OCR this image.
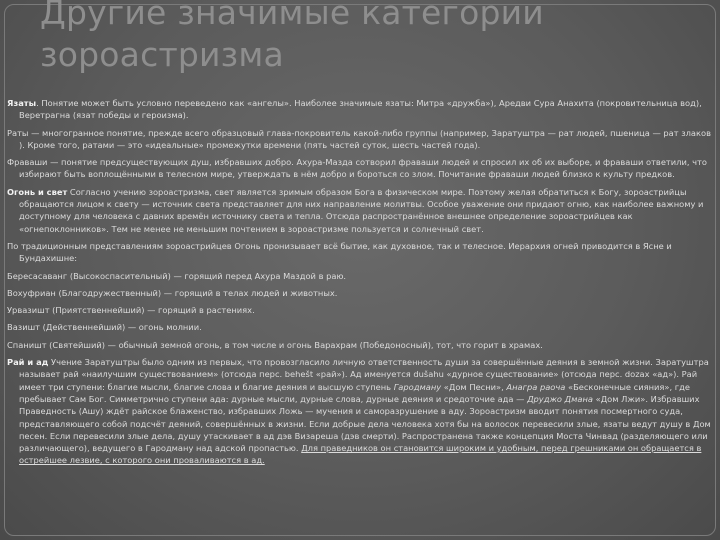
Другие значимые категории зороастризма

Язаты. Понятие может быть условно переведено как «ангелы». Наиболее значимые язаты: Митра «дружба»), Аредви Сура Анахита (покровительница вод), Веретрагна (язат победы и героизма).

Раты — многогранное понятие, прежде всего образцовый глава-покровитель какой-либо группы (например, Заратуштра — рат людей, пшеница — рат злаков ). Кроме того, ратами — это «идеальные» промежутки времени (пять частей суток, шесть частей года).

Фраваши — понятие предсуществующих душ, избравших добро. Ахура-Мазда сотворил фраваши людей и спросил их об их выборе, и фраваши ответили, что избирают быть воплощёнными в телесном мире, утверждать в нём добро и бороться со злом. Почитание фраваши людей близко к культу предков.

Огонь и свет Согласно учению зороастризма, свет является зримым образом Бога в физическом мире. Поэтому желая обратиться к Богу, зороастрийцы обращаются лицом к свету — источник света представляет для них направление молитвы. Особое уважение они придают огню, как наиболее важному и доступному для человека с давних времён источнику света и тепла. Отсюда распространённое внешнее определение зороастрийцев как «огнепоклонников». Тем не менее не меньшим почтением в зороастризме пользуется и солнечный свет.

По традиционным представлениям зороастрийцев Огонь пронизывает всё бытие, как духовное, так и телесное. Иерархия огней приводится в Ясне и Бундахишне:

Бересасаванг (Высокоспасительный) — горящий перед Ахура Маздой в раю.

Вохуфриан (Благодружественный) — горящий в телах людей и животных.

Урвазишт (Приятственнейший) — горящий в растениях.

Вазишт (Действеннейший) — огонь молнии.

Спаништ (Святейший) — обычный земной огонь, в том числе и огонь Варахрам (Победоносный), тот, что горит в храмах.

Рай и ад Учение Заратуштры было одним из первых, что провозгласило личную ответственность души за совершённые деяния в земной жизни. Заратуштра называет рай «наилучшим существованием» (отсюда перс. behešt «рай»). Ад именуется dušahu «дурное существование» (отсюда перс. dozax «ад»). Рай имеет три ступени: благие мысли, благие слова и благие деяния и высшую ступень Гародману «Дом Песни», Анагра раоча «Бесконечные сияния», где пребывает Сам Бог. Симметрично ступени ада: дурные мысли, дурные слова, дурные деяния и средоточие ада — Друджо Дмана «Дом Лжи». Избравших Праведность (Ашу) ждёт райское блаженство, избравших Ложь — мучения и саморазрушение в аду. Зороастризм вводит понятия посмертного суда, представляющего собой подсчёт деяний, совершённых в жизни. Если добрые дела человека хотя бы на волосок перевесили злые, язаты ведут душу в Дом песен. Если перевесили злые дела, душу утаскивает в ад дэв Визареша (дэв смерти). Распространена также концепция Моста Чинвад (разделяющего или различающего), ведущего в Гародману над адской пропастью. Для праведников он становится широким и удобным, перед грешниками он обращается в острейшее лезвие, с которого они проваливаются в ад.
